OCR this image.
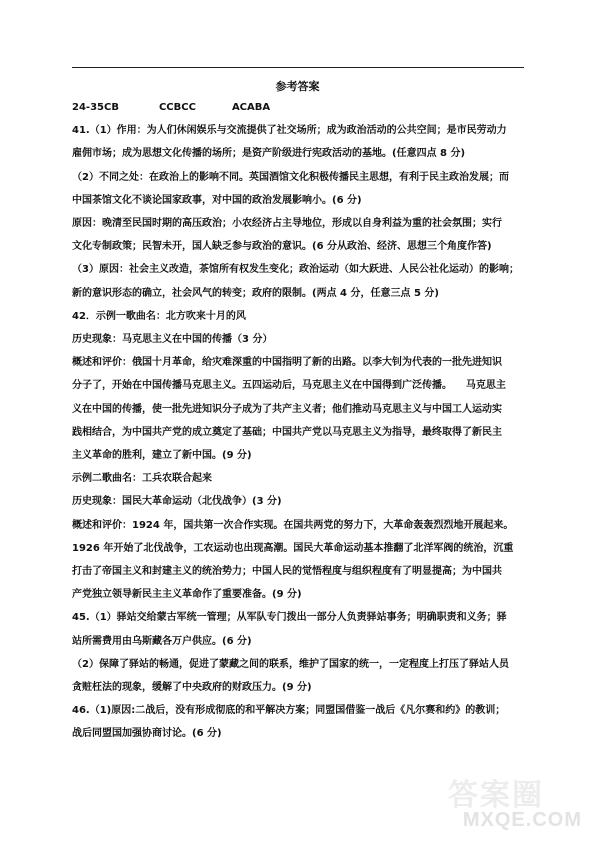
参考答案

24-35CB	CCBCC	ACABA

41.（1）作用：为人们休闲娱乐与交流提供了社交场所；成为政治活动的公共空间；是市民劳动力

雇佣市场；成为思想文化传播的场所；是资产阶级进行宪政活动的基地。(任意四点 8 分)

（2）不同之处：在政治上的影响不同。英国酒馆文化积极传播民主思想，有利于民主政治发展；而

中国茶馆文化不谈论国家政事，对中国的政治发展影响小。(6 分)

原因：晚清至民国时期的高压政治；小农经济占主导地位，形成以自身利益为重的社会氛围；实行

文化专制政策；民智未开，国人缺乏参与政治的意识。(6 分从政治、经济、思想三个角度作答)

（3）原因：社会主义改造，茶馆所有权发生变化；政治运动（如大跃进、人民公社化运动）的影响；

新的意识形态的确立，社会风气的转变；政府的限制。(两点 4 分，任意三点 5 分)

42．示例一歌曲名：北方吹来十月的风

历史现象：马克思主义在中国的传播（3 分）

概述和评价：俄国十月革命，给灾难深重的中国指明了新的出路。以李大钊为代表的一批先进知识

分子了，开始在中国传播马克思主义。五四运动后，马克思主义在中国得到广泛传播。    马克思主

义在中国的传播，使一批先进知识分子成为了共产主义者；他们推动马克思主义与中国工人运动实

践相结合，为中国共产党的成立奠定了基础；中国共产党以马克思主义为指导，最终取得了新民主

主义革命的胜利，建立了新中国。(9 分)

示例二歌曲名：工兵农联合起来

历史现象：国民大革命运动（北伐战争）(3 分)

概述和评价：1924 年，国共第一次合作实现。在国共两党的努力下，大革命轰轰烈烈地开展起来。

1926 年开始了北伐战争，工农运动也出现高潮。国民大革命运动基本推翻了北洋军阀的统治，沉重

打击了帝国主义和封建主义的统治势力；中国人民的觉悟程度与组织程度有了明显提高；为中国共

产党独立领导新民主主义革命作了重要准备。(9 分)

45.（1）驿站交给蒙古军统一管理；从军队专门拨出一部分人负责驿站事务；明确职责和义务；驿

站所需费用由乌斯藏各万户供应。(6 分)

（2）保障了驿站的畅通，促进了蒙藏之间的联系，维护了国家的统一，一定程度上打压了驿站人员

贪赃枉法的现象，缓解了中央政府的财政压力。(9 分)

46.（1)原因:二战后，没有形成彻底的和平解决方案；同盟国借鉴一战后《凡尔赛和约》的教训；

战后同盟国加强协商讨论。(6 分)

答案圈
MXQE.COM
